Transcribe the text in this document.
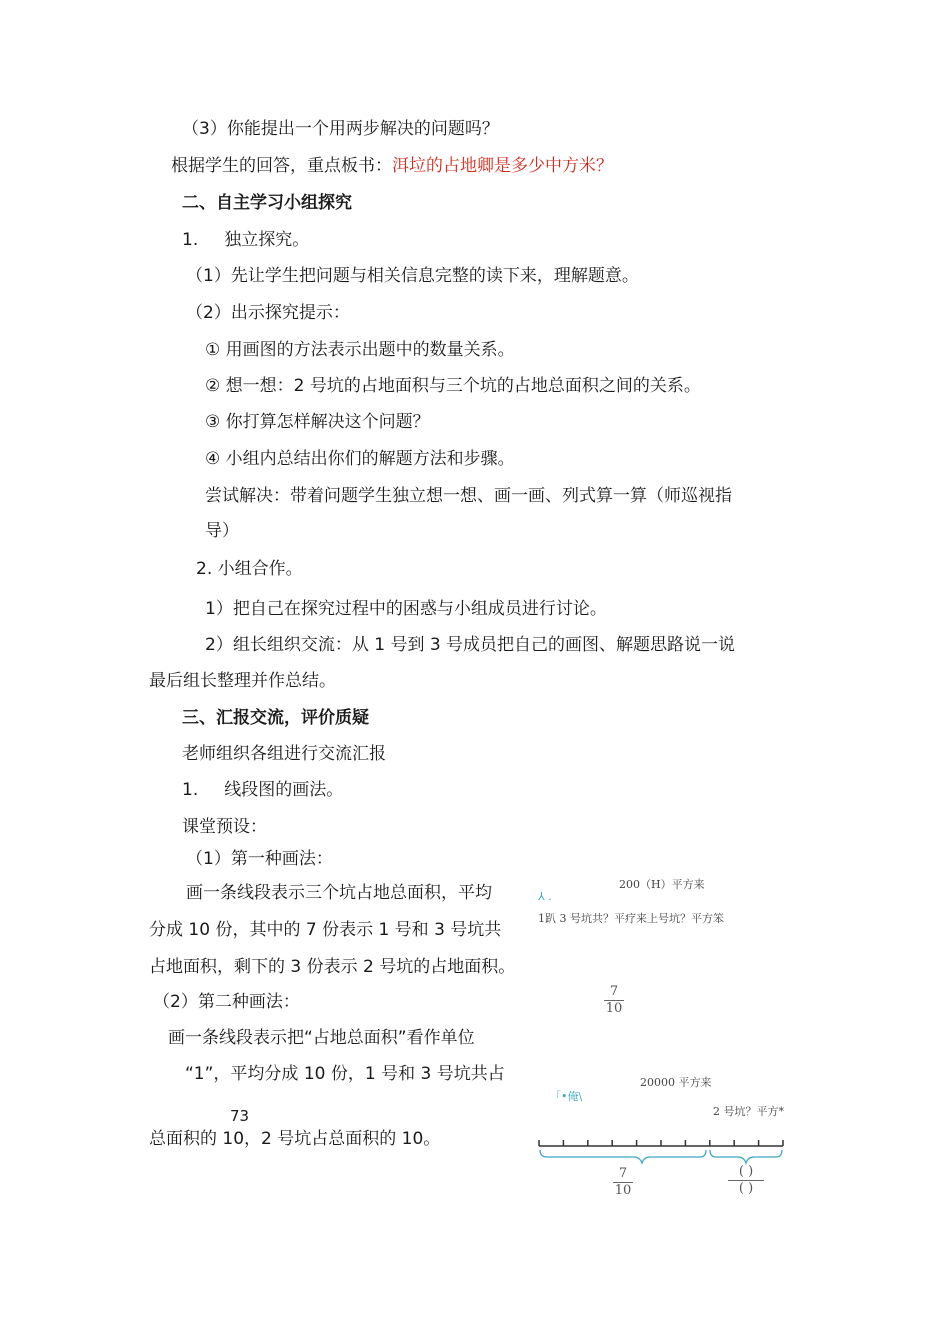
（3）你能提出一个用两步解决的问题吗？
根据学生的回答，重点板书：洱垃的占地卿是多少中方米？
二、自主学习小组探究
1. 独立探究。
（1）先让学生把问题与相关信息完整的读下来，理解题意。
（2）出示探究提示：
① 用画图的方法表示出题中的数量关系。
② 想一想：2 号坑的占地面积与三个坑的占地总面积之间的关系。
③ 你打算怎样解决这个问题？
④ 小组内总结出你们的解题方法和步骤。
尝试解决：带着问题学生独立想一想、画一画、列式算一算（师巡视指
导）
2. 小组合作。
1）把自己在探究过程中的困惑与小组成员进行讨论。
2）组长组织交流：从 1 号到 3 号成员把自己的画图、解题思路说一说
最后组长整理并作总结。
三、汇报交流，评价质疑
老师组织各组进行交流汇报
1. 线段图的画法。
课堂预设：
（1）第一种画法：
画一条线段表示三个坑占地总面积，平均
分成 10 份，其中的 7 份表示 1 号和 3 号坑共
占地面积，剩下的 3 份表示 2 号坑的占地面积。
（2）第二种画法：
画一条线段表示把“占地总面积”看作单位
“1”，平均分成 10 份，1 号和 3 号坑共占
73
总面积的 10，2 号坑占总面积的 10。
200（H）平方来
⅄ .
1趴 3 号坑共？平疗来上号坑？平方笨
7
10
20000 平方来
「•俺\
2 号坑？平方*
7
10
( )
( )
